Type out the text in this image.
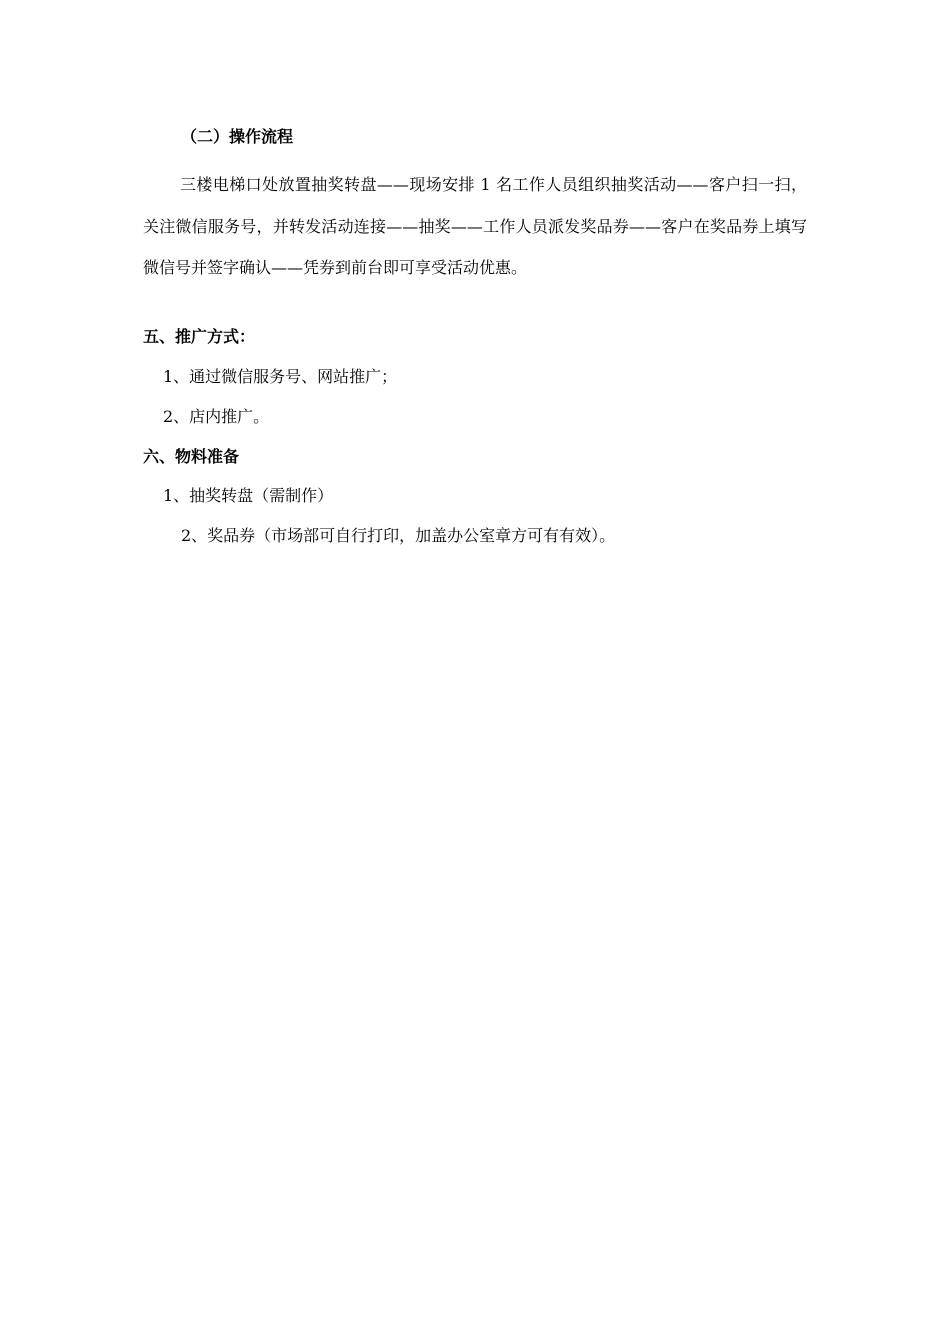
（二）操作流程
三楼电梯口处放置抽奖转盘——现场安排 1 名工作人员组织抽奖活动——客户扫一扫，关注微信服务号，并转发活动连接——抽奖——工作人员派发奖品券——客户在奖品券上填写微信号并签字确认——凭券到前台即可享受活动优惠。
五、推广方式：
1、通过微信服务号、网站推广；
2、店内推广。
六、物料准备
1、抽奖转盘（需制作）
2、奖品券（市场部可自行打印，加盖办公室章方可有有效）。
